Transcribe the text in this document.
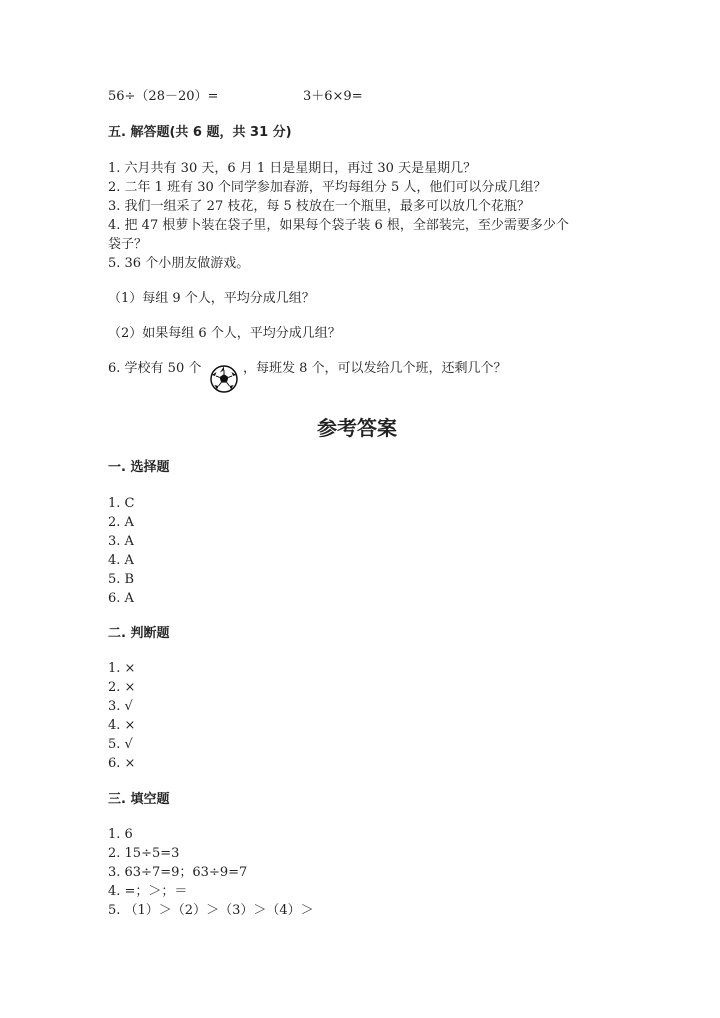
56÷（28－20）=	3＋6×9=
五. 解答题(共 6 题，共 31 分)
1. 六月共有 30 天，6 月 1 日是星期日，再过 30 天是星期几？
2. 二年 1 班有 30 个同学参加春游，平均每组分 5 人，他们可以分成几组？
3. 我们一组采了 27 枝花，每 5 枝放在一个瓶里，最多可以放几个花瓶？
4. 把 47 根萝卜装在袋子里，如果每个袋子装 6 根，全部装完，至少需要多少个
袋子？
5. 36 个小朋友做游戏。
（1）每组 9 个人，平均分成几组？
（2）如果每组 6 个人，平均分成几组？
6. 学校有 50 个	，每班发 8 个，可以发给几个班，还剩几个？
参考答案
一. 选择题
1. C
2. A
3. A
4. A
5. B
6. A
二. 判断题
1. ×
2. ×
3. √
4. ×
5. √
6. ×
三. 填空题
1. 6
2. 15÷5=3
3. 63÷7=9；63÷9=7
4. =；＞；＝
5. （1）＞（2）＞（3）＞（4）＞
